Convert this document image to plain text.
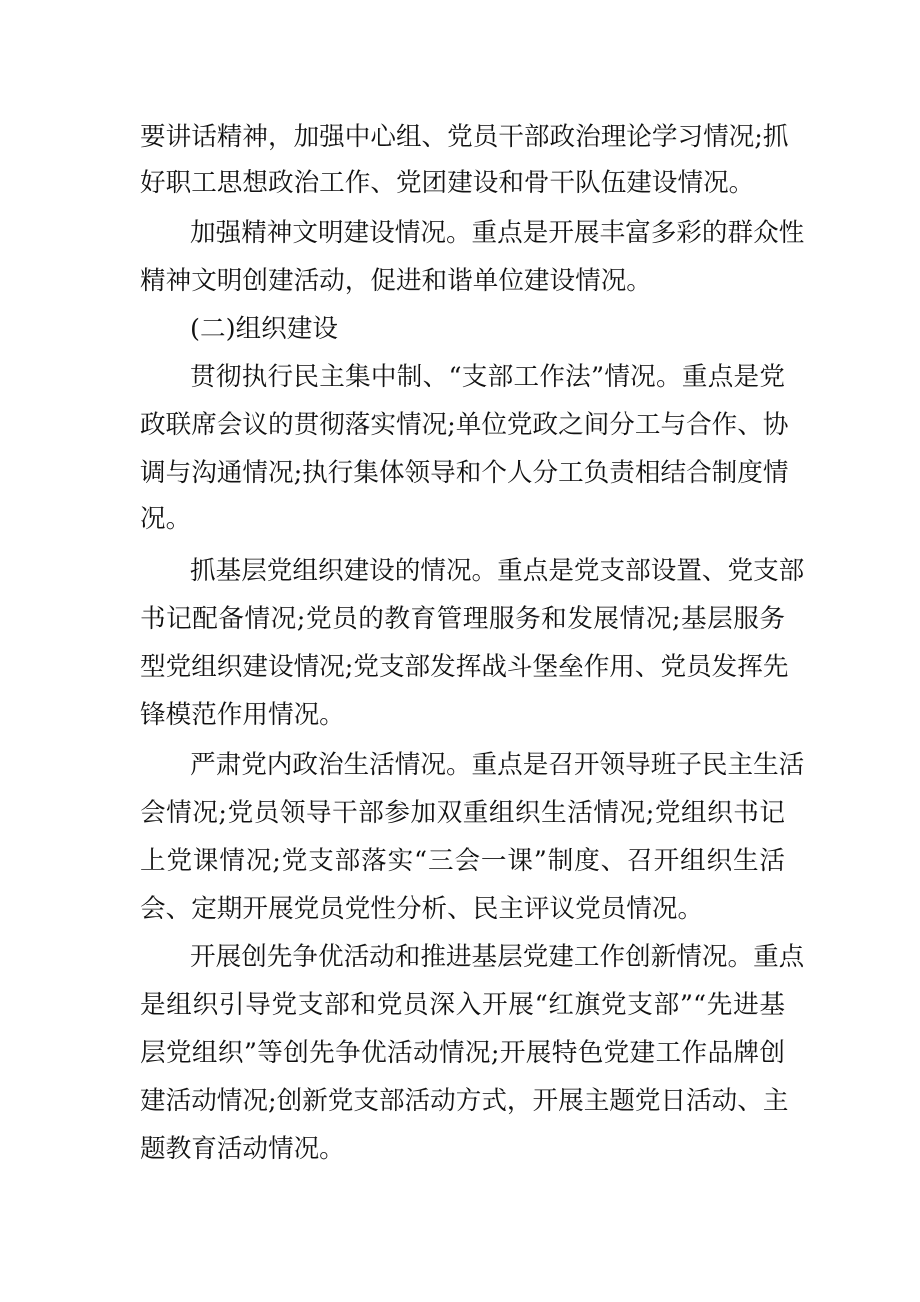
要讲话精神，加强中心组、党员干部政治理论学习情况;抓

好职工思想政治工作、党团建设和骨干队伍建设情况。

加强精神文明建设情况。重点是开展丰富多彩的群众性

精神文明创建活动，促进和谐单位建设情况。

(二)组织建设

贯彻执行民主集中制、“支部工作法”情况。重点是党

政联席会议的贯彻落实情况;单位党政之间分工与合作、协

调与沟通情况;执行集体领导和个人分工负责相结合制度情

况。

抓基层党组织建设的情况。重点是党支部设置、党支部

书记配备情况;党员的教育管理服务和发展情况;基层服务

型党组织建设情况;党支部发挥战斗堡垒作用、党员发挥先

锋模范作用情况。

严肃党内政治生活情况。重点是召开领导班子民主生活

会情况;党员领导干部参加双重组织生活情况;党组织书记

上党课情况;党支部落实“三会一课”制度、召开组织生活

会、定期开展党员党性分析、民主评议党员情况。

开展创先争优活动和推进基层党建工作创新情况。重点

是组织引导党支部和党员深入开展“红旗党支部”“先进基

层党组织”等创先争优活动情况;开展特色党建工作品牌创

建活动情况;创新党支部活动方式，开展主题党日活动、主

题教育活动情况。
